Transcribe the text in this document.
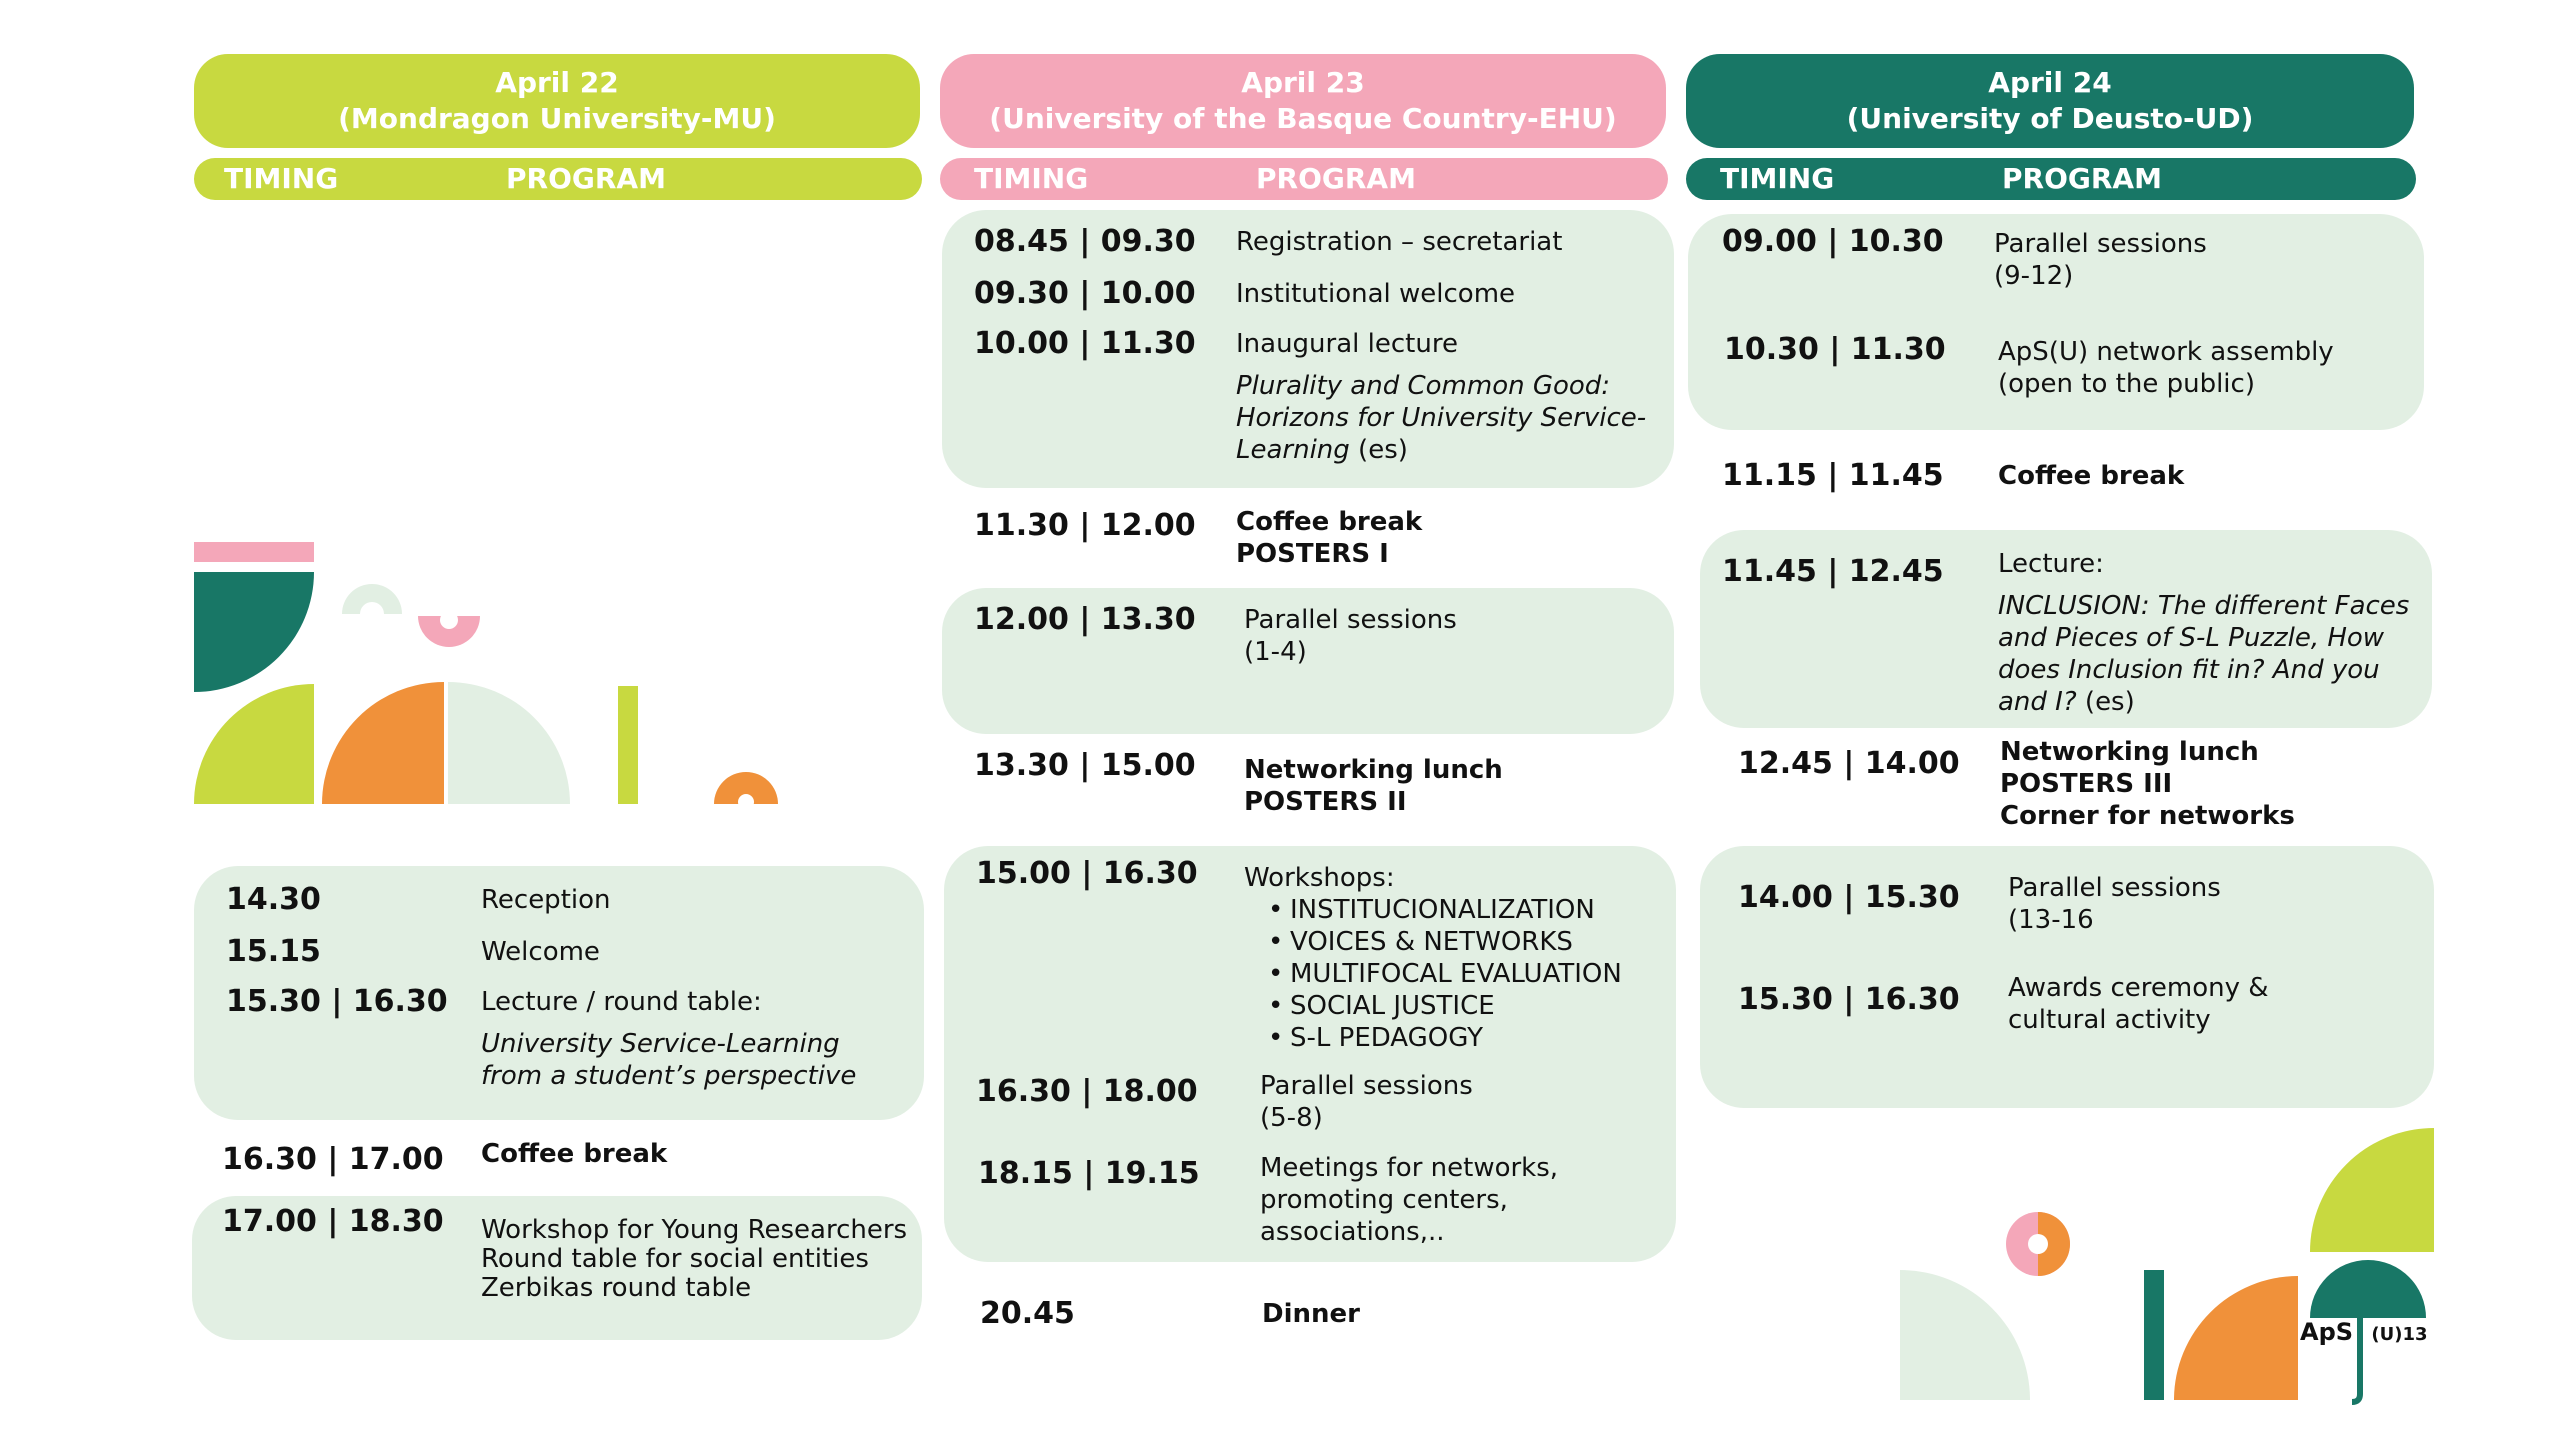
April 22
(Mondragon University-MU)
April 23
(University of the Basque Country-EHU)
April 24
(University of Deusto-UD)
TIMING	PROGRAM	TIMING	PROGRAM	TIMING	PROGRAM
14.30	Reception
15.15	Welcome
15.30 | 16.30 Lecture / round table:
University Service-Learning
from a student’s perspective
16.30 | 17.00 Coffee break
17.00 | 18.30 Workshop for Young Researchers
Round table for social entities
Zerbikas round table
08.45 | 09.30 Registration – secretariat
09.30 | 10.00 Institutional welcome
10.00 | 11.30 Inaugural lecture
Plurality and Common Good:
Horizons for University Service-
Learning (es)
11.30 | 12.00 Coffee break
POSTERS I
12.00 | 13.30 Parallel sessions
(1-4)
13.30 | 15.00 Networking lunch
POSTERS II
15.00 | 16.30 Workshops:
• INSTITUCIONALIZATION
• VOICES & NETWORKS
• MULTIFOCAL EVALUATION
• SOCIAL JUSTICE
• S-L PEDAGOGY
16.30 | 18.00 Parallel sessions
(5-8)
18.15 | 19.15 Meetings for networks,
promoting centers,
associations,..
20.45	Dinner
09.00 | 10.30 Parallel sessions
(9-12)
10.30 | 11.30 ApS(U) network assembly
(open to the public)
11.15 | 11.45 Coffee break
11.45 | 12.45 Lecture:
INCLUSION: The different Faces
and Pieces of S-L Puzzle, How
does Inclusion fit in? And you
and I? (es)
12.45 | 14.00 Networking lunch
POSTERS III
Corner for networks
14.00 | 15.30 Parallel sessions
(13-16
15.30 | 16.30 Awards ceremony &
cultural activity
ApS (U)13
